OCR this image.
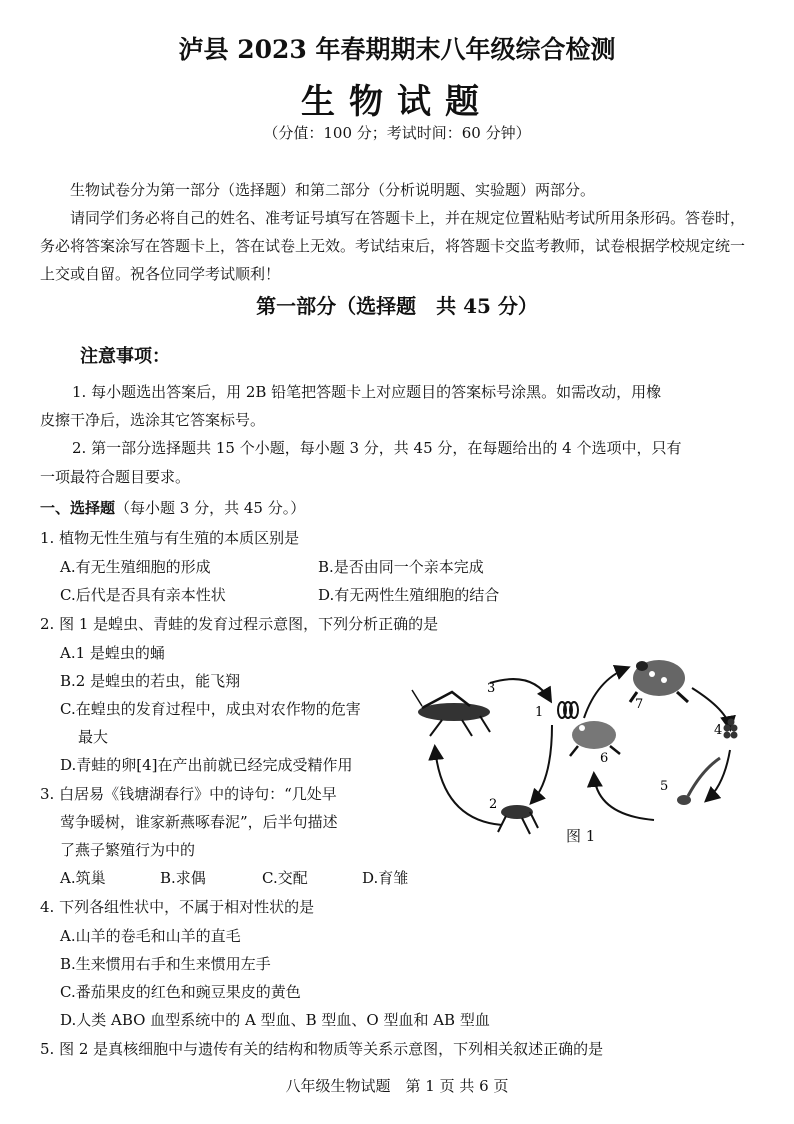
泸县 2023 年春期期末八年级综合检测
生物试题
（分值：100 分；考试时间：60 分钟）
生物试卷分为第一部分（选择题）和第二部分（分析说明题、实验题）两部分。
请同学们务必将自己的姓名、准考证号填写在答题卡上，并在规定位置粘贴考试所用条形码。答卷时，务必将答案涂写在答题卡上，答在试卷上无效。考试结束后，将答题卡交监考教师，试卷根据学校规定统一上交或自留。祝各位同学考试顺利！
第一部分（选择题　共 45 分）
注意事项：
1. 每小题选出答案后，用 2B 铅笔把答题卡上对应题目的答案标号涂黑。如需改动，用橡
皮擦干净后，选涂其它答案标号。
2. 第一部分选择题共 15 个小题，每小题 3 分，共 45 分，在每题给出的 4 个选项中，只有
一项最符合题目要求。
一、选择题（每小题 3 分，共 45 分。）
1. 植物无性生殖与有生殖的本质区别是
A.有无生殖细胞的形成	B.是否由同一个亲本完成
C.后代是否具有亲本性状	D.有无两性生殖细胞的结合
2. 图 1 是蝗虫、青蛙的发育过程示意图，下列分析正确的是
A.1 是蝗虫的蛹
B.2 是蝗虫的若虫，能飞翔
C.在蝗虫的发育过程中，成虫对农作物的危害
最大
D.青蛙的卵[4]在产出前就已经完成受精作用
3. 白居易《钱塘湖春行》中的诗句：“几处早
莺争暖树，谁家新燕啄春泥”，后半句描述
了燕子繁殖行为中的
A.筑巢	B.求偶	C.交配	D.育雏
4. 下列各组性状中，不属于相对性状的是
A.山羊的卷毛和山羊的直毛
B.生来惯用右手和生来惯用左手
C.番茄果皮的红色和豌豆果皮的黄色
D.人类 ABO 血型系统中的 A 型血、B 型血、O 型血和 AB 型血
5. 图 2 是真核细胞中与遗传有关的结构和物质等关系示意图，下列相关叙述正确的是
3
1
2
4
5
6
7
图 1
八年级生物试题　第 1 页 共 6 页
